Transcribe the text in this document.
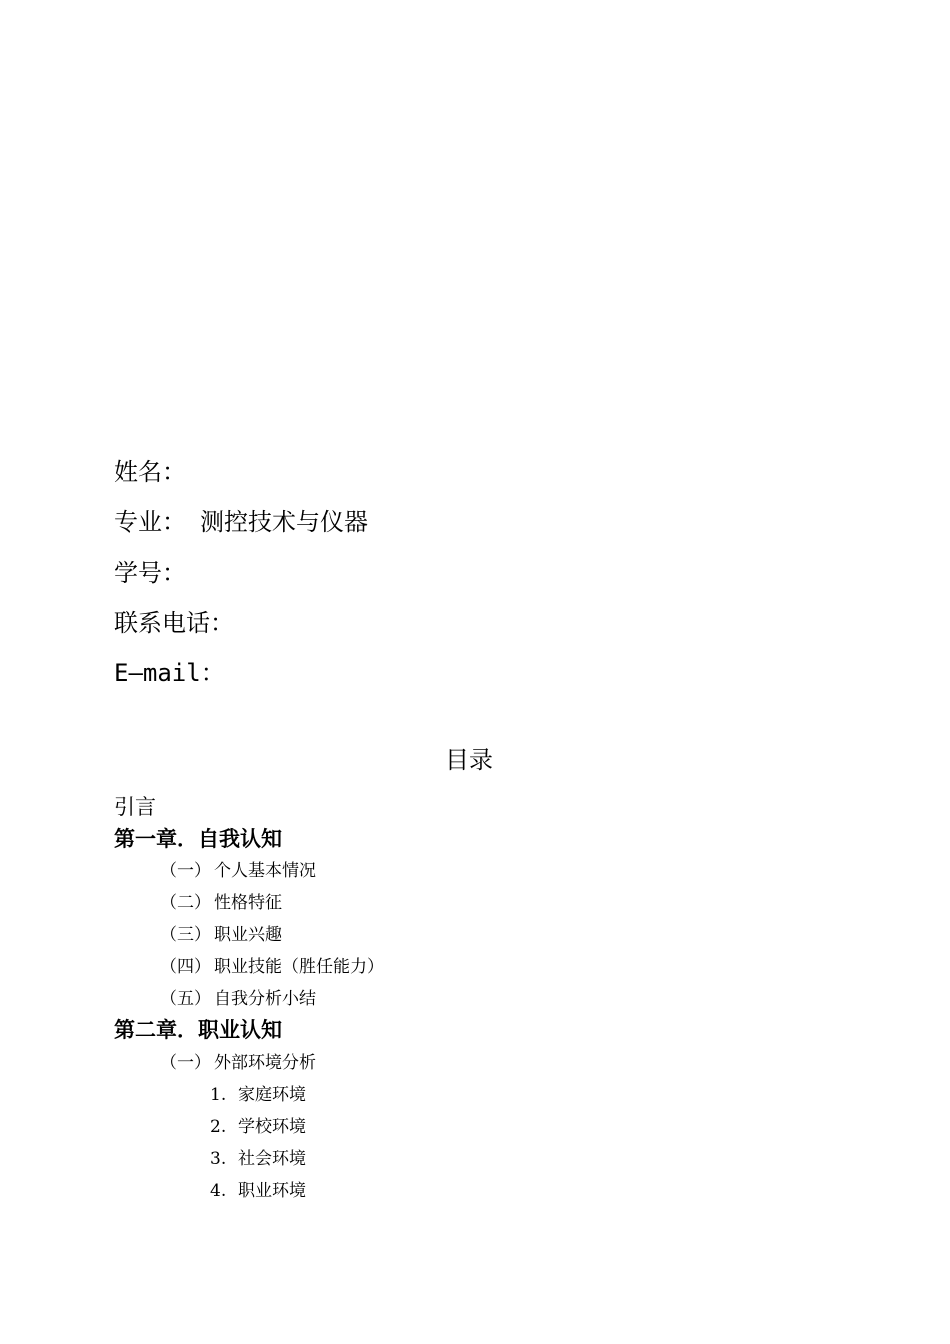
姓名：
专业： 测控技术与仪器
学号：
联系电话：
E—mail：
目录
引言
第一章．自我认知
（一） 个人基本情况
（二） 性格特征
（三） 职业兴趣
（四） 职业技能（胜任能力）
（五） 自我分析小结
第二章．职业认知
（一） 外部环境分析
1. 家庭环境
2. 学校环境
3. 社会环境
4. 职业环境
